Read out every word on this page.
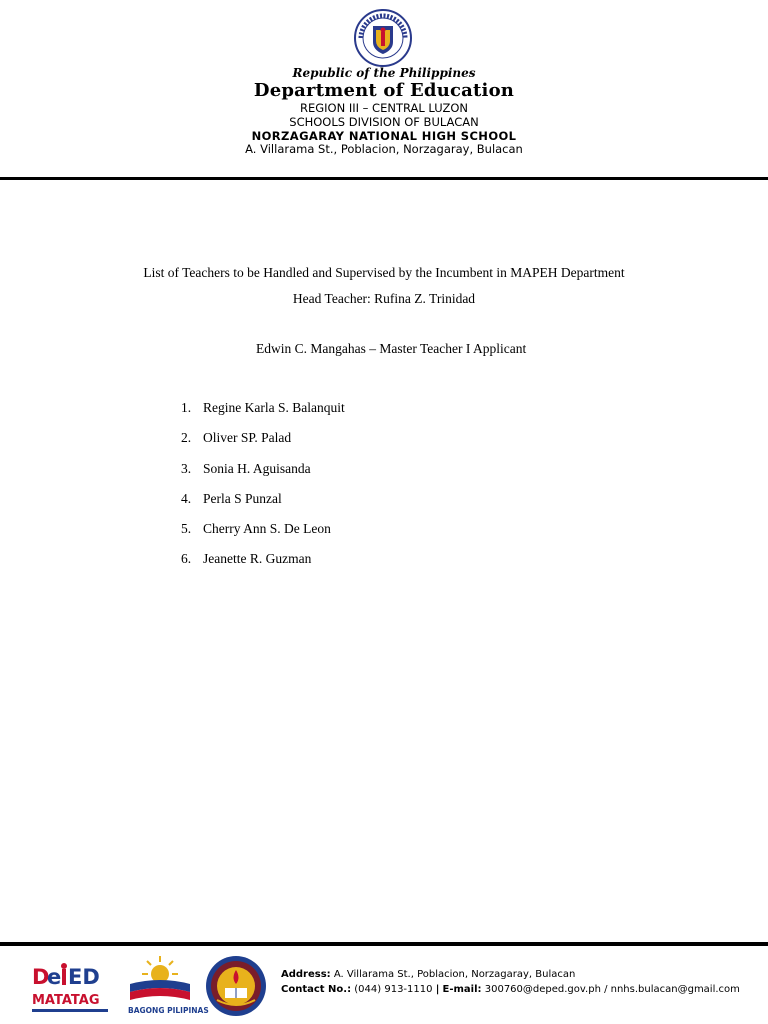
Republic of the Philippines
Department of Education
REGION III – CENTRAL LUZON
SCHOOLS DIVISION OF BULACAN
NORZAGARAY NATIONAL HIGH SCHOOL
A. Villarama St., Poblacion, Norzagaray, Bulacan
List of Teachers to be Handled and Supervised by the Incumbent in MAPEH Department
Head Teacher: Rufina Z. Trinidad
Edwin C. Mangahas – Master Teacher I Applicant
1. Regine Karla S. Balanquit
2. Oliver SP. Palad
3. Sonia H. Aguisanda
4. Perla S Punzal
5. Cherry Ann S. De Leon
6. Jeanette R. Guzman
D
e ED
MATATAG
BAGONG PILIPINAS
Address: A. Villarama St., Poblacion, Norzagaray, Bulacan
Contact No.: (044) 913-1110 | E-mail: 300760@deped.gov.ph / nnhs.bulacan@gmail.com
